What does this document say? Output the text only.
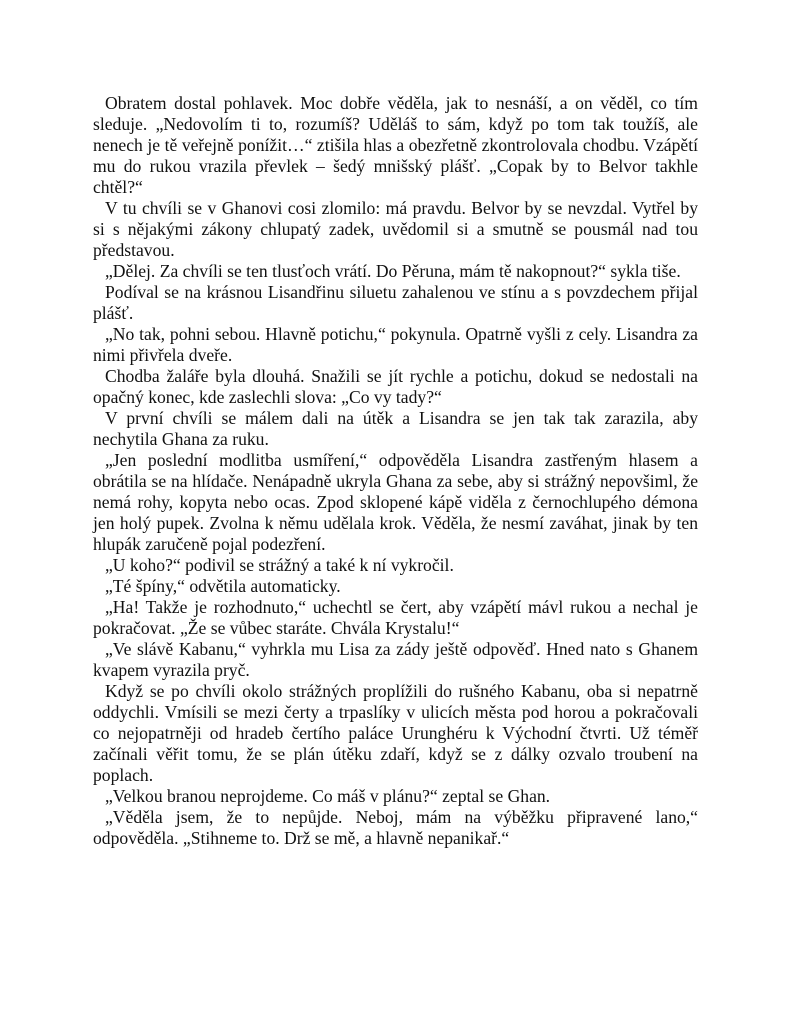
Obratem dostal pohlavek. Moc dobře věděla, jak to nesnáší, a on věděl, co tím sleduje. „Nedovolím ti to, rozumíš? Uděláš to sám, když po tom tak toužíš, ale nenech je tě veřejně ponížit…“ ztišila hlas a obezřetně zkontrolovala chodbu. Vzápětí mu do rukou vrazila převlek – šedý mnišský plášť. „Copak by to Belvor takhle chtěl?“

V tu chvíli se v Ghanovi cosi zlomilo: má pravdu. Belvor by se nevzdal. Vytřel by si s nějakými zákony chlupatý zadek, uvědomil si a smutně se pousmál nad tou představou.

„Dělej. Za chvíli se ten tlusťoch vrátí. Do Pěruna, mám tě nakopnout?“ sykla tiše.

Podíval se na krásnou Lisandřinu siluetu zahalenou ve stínu a s povzdechem přijal plášť.

„No tak, pohni sebou. Hlavně potichu,“ pokynula. Opatrně vyšli z cely. Lisandra za nimi přivřela dveře.

Chodba žaláře byla dlouhá. Snažili se jít rychle a potichu, dokud se nedostali na opačný konec, kde zaslechli slova: „Co vy tady?“

V první chvíli se málem dali na útěk a Lisandra se jen tak tak zarazila, aby nechytila Ghana za ruku.

„Jen poslední modlitba usmíření,“ odpověděla Lisandra zastřeným hlasem a obrátila se na hlídače. Nenápadně ukryla Ghana za sebe, aby si strážný nepovšiml, že nemá rohy, kopyta nebo ocas. Zpod sklopené kápě viděla z černochlupého démona jen holý pupek. Zvolna k němu udělala krok. Věděla, že nesmí zaváhat, jinak by ten hlupák zaručeně pojal podezření.

„U koho?“ podivil se strážný a také k ní vykročil.

„Té špíny,“ odvětila automaticky.

„Ha! Takže je rozhodnuto,“ uchechtl se čert, aby vzápětí mávl rukou a nechal je pokračovat. „Že se vůbec staráte. Chvála Krystalu!“

„Ve slávě Kabanu,“ vyhrkla mu Lisa za zády ještě odpověď. Hned nato s Ghanem kvapem vyrazila pryč.

Když se po chvíli okolo strážných proplížili do rušného Kabanu, oba si nepatrně oddychli. Vmísili se mezi čerty a trpaslíky v ulicích města pod horou a pokračovali co nejopatrněji od hradeb čertího paláce Urunghéru k Východní čtvrti. Už téměř začínali věřit tomu, že se plán útěku zdaří, když se z dálky ozvalo troubení na poplach.

„Velkou branou neprojdeme. Co máš v plánu?“ zeptal se Ghan.

„Věděla jsem, že to nepůjde. Neboj, mám na výběžku připravené lano,“ odpověděla. „Stihneme to. Drž se mě, a hlavně nepanikař.“
